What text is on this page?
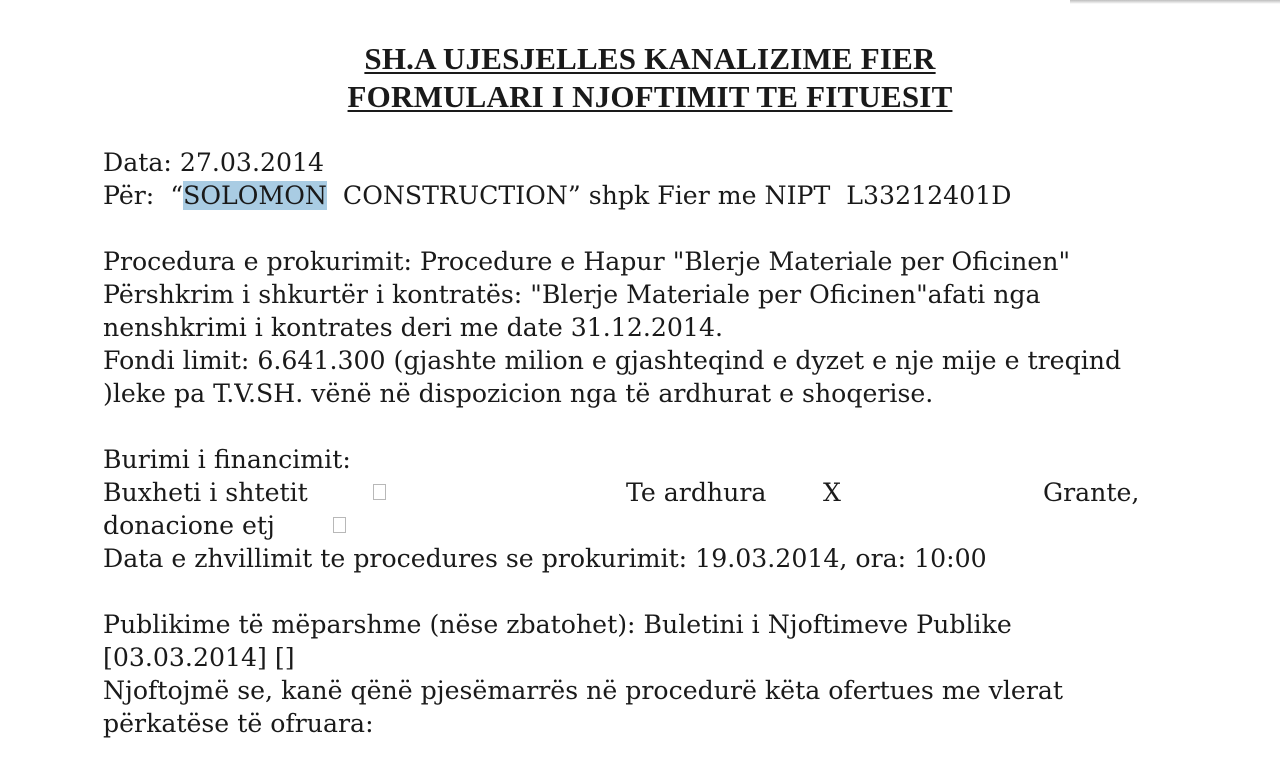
SH.A UJESJELLES KANALIZIME FIER
FORMULARI I NJOFTIMIT TE FITUESIT
Data: 27.03.2014
Për:  “SOLOMON  CONSTRUCTION” shpk Fier me NIPT  L33212401D
Procedura e prokurimit: Procedure e Hapur "Blerje Materiale per Oficinen"
Përshkrim i shkurtër i kontratës: "Blerje Materiale per Oficinen"afati nga
nenshkrimi i kontrates deri me date 31.12.2014.
Fondi limit: 6.641.300 (gjashte milion e gjashteqind e dyzet e nje mije e treqind
)leke pa T.V.SH. vënë në dispozicion nga të ardhurat e shoqerise.
Burimi i financimit:
Buxheti i shtetit	Te ardhura X	Grante,
donacione etj
Data e zhvillimit te procedures se prokurimit: 19.03.2014, ora: 10:00
Publikime të mëparshme (nëse zbatohet): Buletini i Njoftimeve Publike
[03.03.2014] []
Njoftojmë se, kanë qënë pjesëmarrës në procedurë këta ofertues me vlerat
përkatëse të ofruara:
